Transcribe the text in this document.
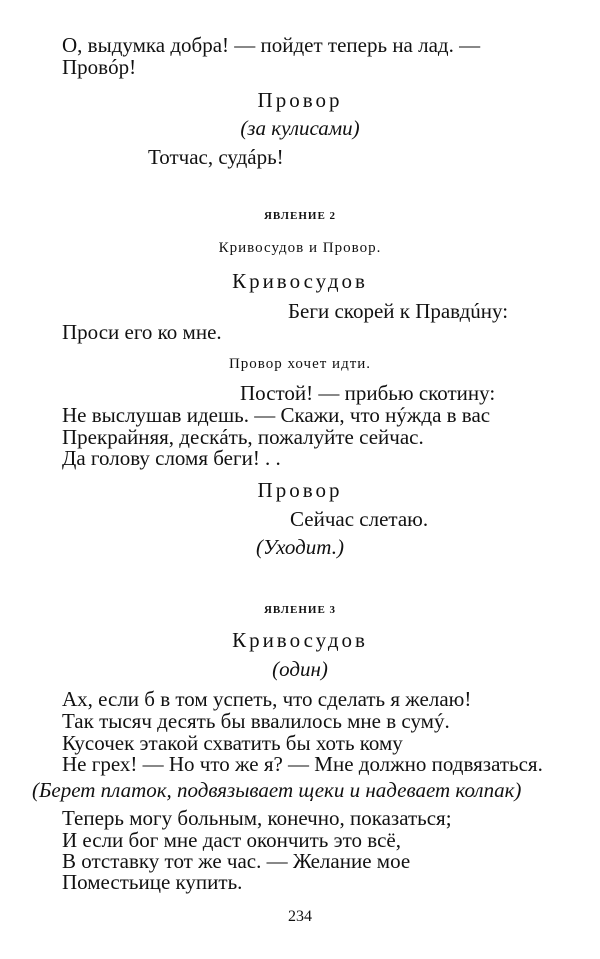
О, выдумка добра! — пойдет теперь на лад. —
Провóр!
Провор
(за кулисами)
Тотчас, судáрь!
ЯВЛЕНИЕ 2
Кривосудов и Провор.
Кривосудов
Беги скорей к Правдúну:
Проси его ко мне.
Провор хочет идти.
Постой! — прибью скотину:
Не выслушав идешь. — Скажи, что нýжда в вас
Прекрайняя, дескáть, пожалуйте сейчас.
Да голову сломя беги! . .
Провор
Сейчас слетаю.
(Уходит.)
ЯВЛЕНИЕ 3
Кривосудов
(один)
Ах, если б в том успеть, что сделать я желаю!
Так тысяч десять бы ввалилось мне в сумý.
Кусочек этакой схватить бы хоть кому
Не грех! — Но что же я? — Мне должно подвязаться.
(Берет платок, подвязывает щеки и надевает колпак)
Теперь могу больным, конечно, показаться;
И если бог мне даст окончить это всё,
В отставку тот же час. — Желание мое
Поместьице купить.
234
